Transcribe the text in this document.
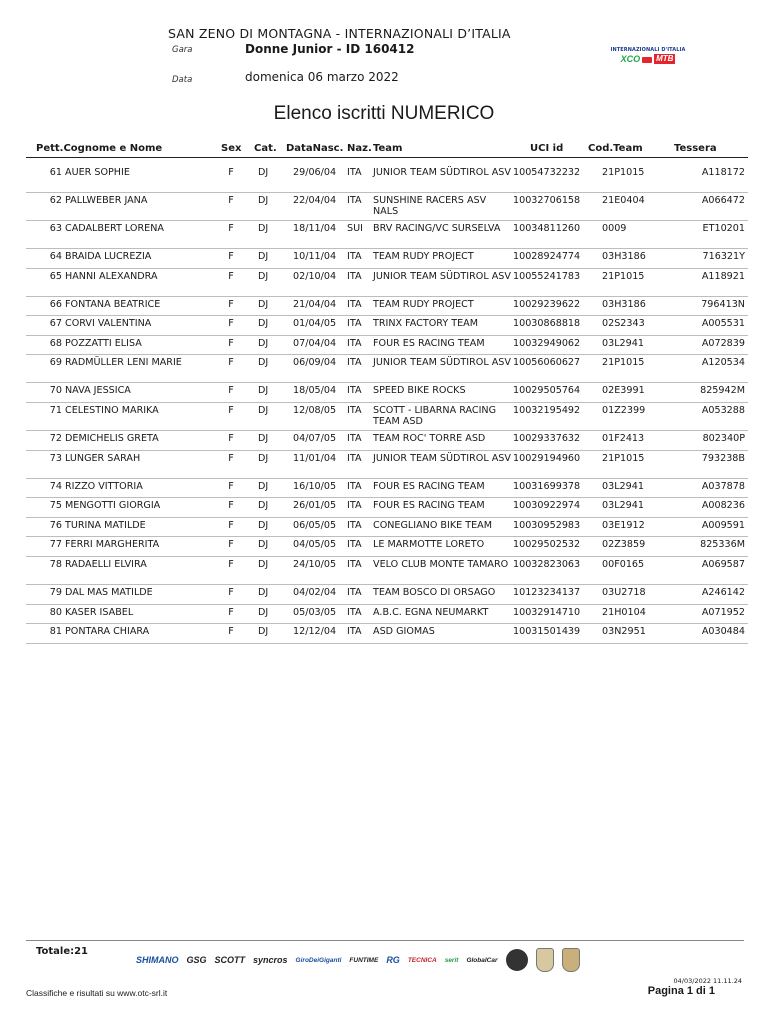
SAN ZENO DI MONTAGNA - INTERNAZIONALI D’ITALIA
Gara	Donne Junior - ID 160412
Data	domenica 06 marzo 2022
INTERNAZIONALI D'ITALIA
XCO MTB
Elenco iscritti NUMERICO
Pett.Cognome e Nome	Sex Cat. DataNasc. Naz. Team	UCI id Cod.Team	Tessera
61 AUER SOPHIE	F	DJ	29/06/04	ITA	JUNIOR TEAM SÜDTIROL ASV 10054732232	21P1015	A118172
62 PALLWEBER JANA	F	DJ	22/04/04	ITA	SUNSHINE RACERS ASV NALS
10032706158	21E0404	A066472
63 CADALBERT LORENA	F	DJ	18/11/04	SUI	BRV RACING/VC SURSELVA	10034811260	0009	ET10201
64 BRAIDA LUCREZIA	F	DJ	10/11/04	ITA	TEAM RUDY PROJECT	10028924774	03H3186	716321Y
65 HANNI ALEXANDRA	F	DJ	02/10/04	ITA	JUNIOR TEAM SÜDTIROL ASV 10055241783	21P1015	A118921
66 FONTANA BEATRICE	F	DJ	21/04/04	ITA	TEAM RUDY PROJECT	10029239622	03H3186	796413N
67 CORVI VALENTINA	F	DJ	01/04/05	ITA	TRINX FACTORY TEAM	10030868818	02S2343	A005531
68 POZZATTI ELISA	F	DJ	07/04/04	ITA	FOUR ES RACING TEAM	10032949062	03L2941	A072839
69 RADMÜLLER LENI MARIE	F	DJ	06/09/04	ITA	JUNIOR TEAM SÜDTIROL ASV 10056060627	21P1015	A120534
70 NAVA JESSICA	F	DJ	18/05/04	ITA	SPEED BIKE ROCKS	10029505764	02E3991	825942M
71 CELESTINO MARIKA	F	DJ	12/08/05	ITA	SCOTT - LIBARNA RACING TEAM ASD
10032195492	01Z2399	A053288
72 DEMICHELIS GRETA	F	DJ	04/07/05	ITA	TEAM ROC' TORRE ASD	10029337632	01F2413	802340P
73 LUNGER SARAH	F	DJ	11/01/04	ITA	JUNIOR TEAM SÜDTIROL ASV 10029194960	21P1015	793238B
74 RIZZO VITTORIA	F	DJ	16/10/05	ITA	FOUR ES RACING TEAM	10031699378	03L2941	A037878
75 MENGOTTI GIORGIA	F	DJ	26/01/05	ITA	FOUR ES RACING TEAM	10030922974	03L2941	A008236
76 TURINA MATILDE	F	DJ	06/05/05	ITA	CONEGLIANO BIKE TEAM	10030952983	03E1912	A009591
77 FERRI MARGHERITA	F	DJ	04/05/05	ITA	LE MARMOTTE LORETO	10029502532	02Z3859	825336M
78 RADAELLI ELVIRA	F	DJ	24/10/05	ITA	VELO CLUB MONTE TAMARO 10032823063	00F0165	A069587
79 DAL MAS MATILDE	F	DJ	04/02/04	ITA	TEAM BOSCO DI ORSAGO	10123234137	03U2718	A246142
80 KASER ISABEL	F	DJ	05/03/05	ITA	A.B.C. EGNA NEUMARKT	10032914710	21H0104	A071952
81 PONTARA CHIARA	F	DJ	12/12/04	ITA	ASD GIOMAS	10031501439	03N2951	A030484
Totale:21
SHIMANO GSG SCOTT syncros GiroDeiGiganti FUNTIME RG TECNICA serit GlobalCar
04/03/2022 11.11.24
Classifiche e risultati su www.otc-srl.it	Pagina 1 di 1
